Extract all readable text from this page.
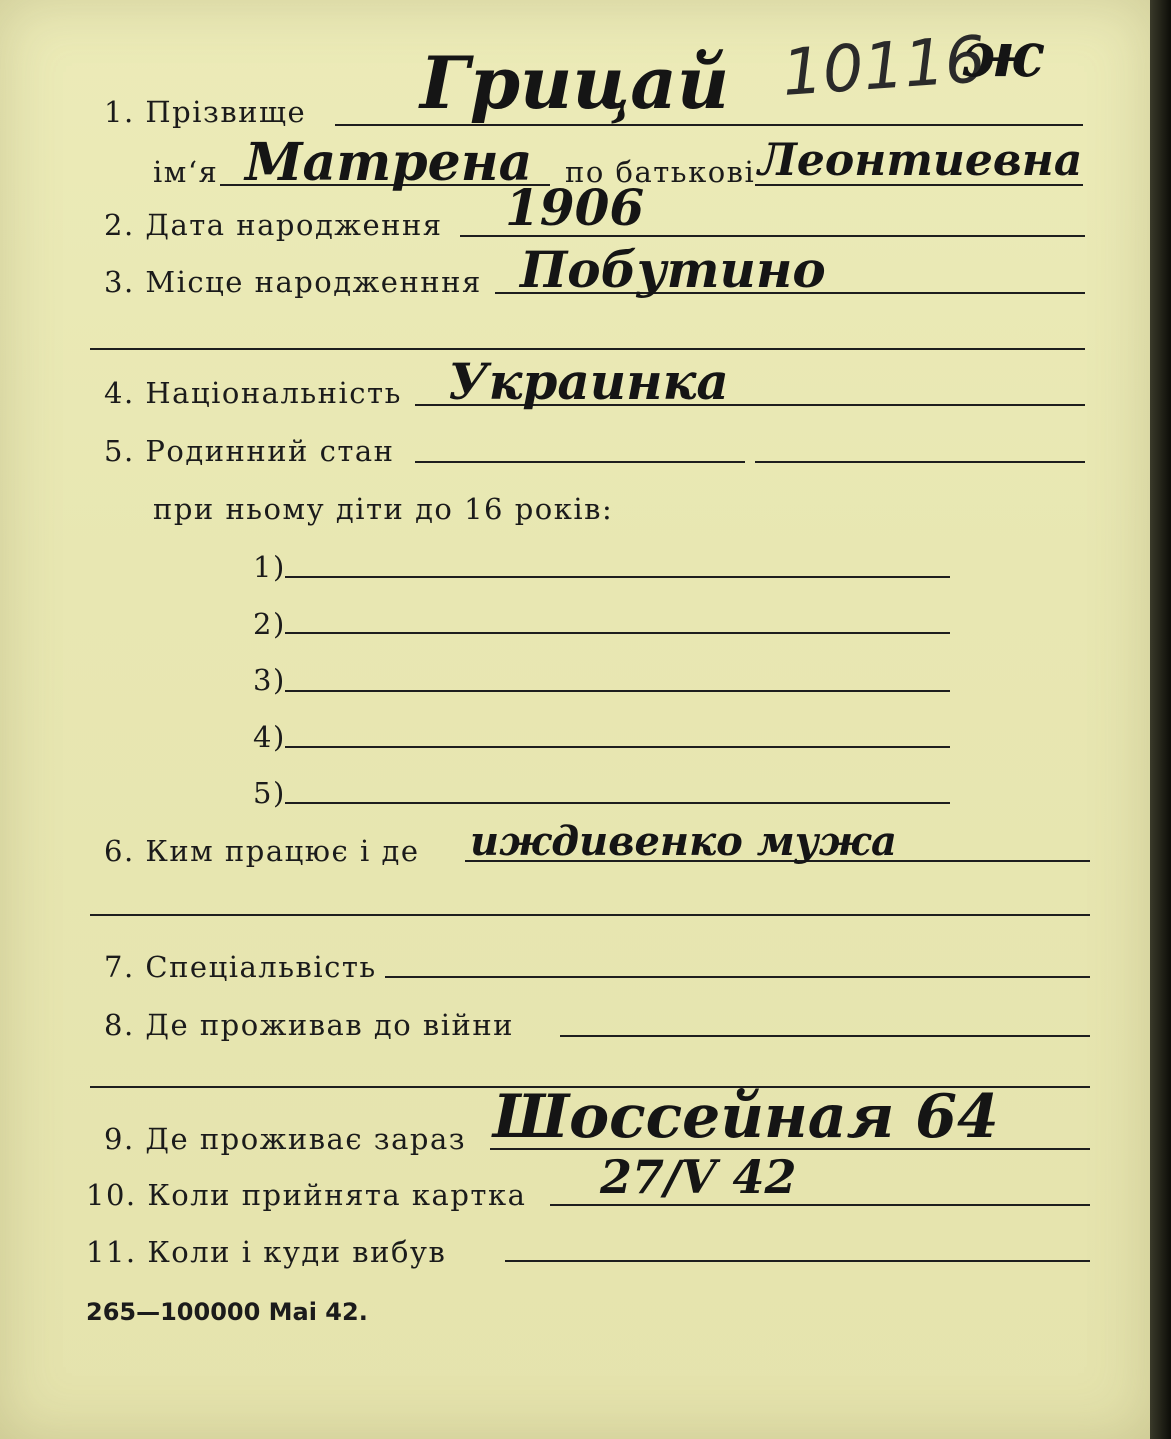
10116
ж
1. Прізвище Грицай
ім‘я Матрена по батькові Леонтиевна
2. Дата народження 1906
3. Місце народженння Побутино
4. Національність Украинка
5. Родинний стан
при ньому діти до 16 років:
1)
2)
3)
4)
5)
6. Ким працює і де иждивенко мужа
7. Спеціальвість
8. Де проживав до війни
9. Де проживає зараз Шоссейная 64
10. Коли прийнята картка 27/V 42
11. Коли і куди вибув
265—100000 Mai 42.
